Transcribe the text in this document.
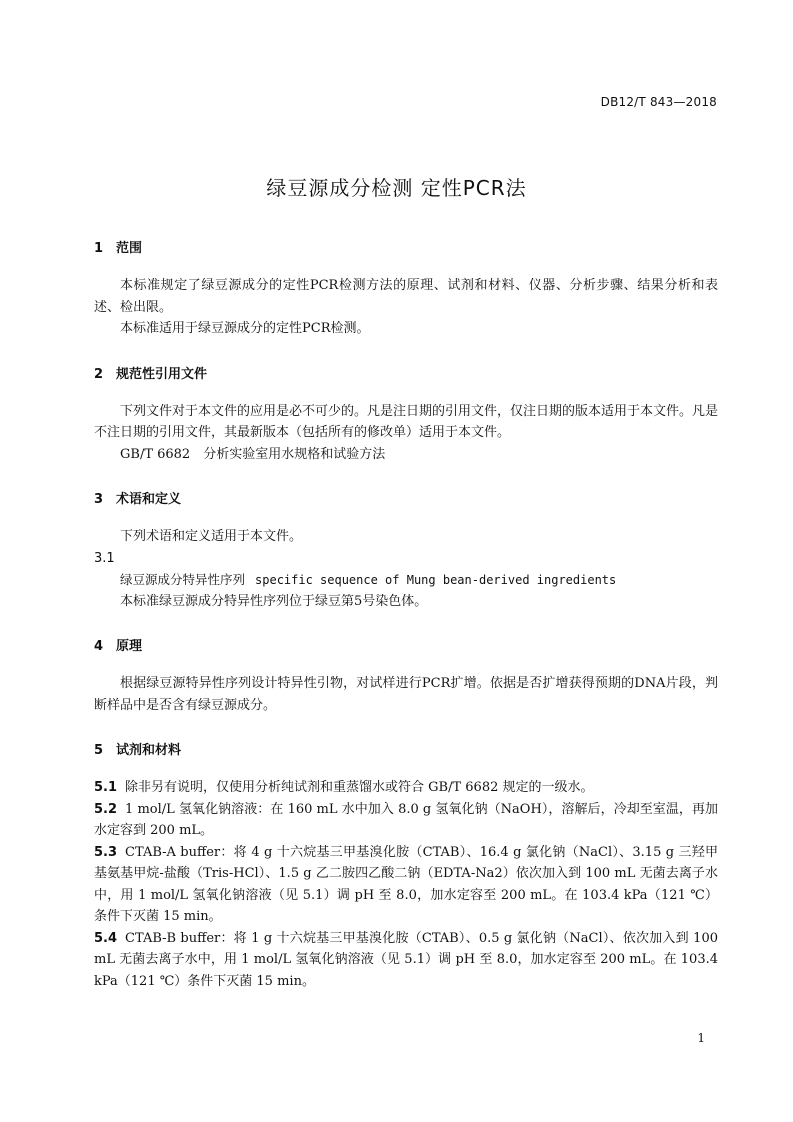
DB12/T 843—2018
绿豆源成分检测 定性PCR法
1 范围

本标准规定了绿豆源成分的定性PCR检测方法的原理、试剂和材料、仪器、分析步骤、结果分析和表述、检出限。

本标准适用于绿豆源成分的定性PCR检测。

2 规范性引用文件

下列文件对于本文件的应用是必不可少的。凡是注日期的引用文件，仅注日期的版本适用于本文件。凡是不注日期的引用文件，其最新版本（包括所有的修改单）适用于本文件。

GB/T 6682　分析实验室用水规格和试验方法

3 术语和定义

下列术语和定义适用于本文件。

3.1

绿豆源成分特异性序列 specific sequence of Mung bean-derived ingredients

本标准绿豆源成分特异性序列位于绿豆第5号染色体。

4 原理

根据绿豆源特异性序列设计特异性引物，对试样进行PCR扩增。依据是否扩增获得预期的DNA片段，判断样品中是否含有绿豆源成分。

5 试剂和材料

5.1 除非另有说明，仅使用分析纯试剂和重蒸馏水或符合 GB/T 6682 规定的一级水。

5.2 1 mol/L 氢氧化钠溶液：在 160 mL 水中加入 8.0 g 氢氧化钠（NaOH），溶解后，冷却至室温，再加水定容到 200 mL。

5.3 CTAB-A buffer：将 4 g 十六烷基三甲基溴化胺（CTAB）、16.4 g 氯化钠（NaCl）、3.15 g 三羟甲基氨基甲烷-盐酸（Tris-HCl）、1.5 g 乙二胺四乙酸二钠（EDTA-Na2）依次加入到 100 mL 无菌去离子水中，用 1 mol/L 氢氧化钠溶液（见 5.1）调 pH 至 8.0，加水定容至 200 mL。在 103.4 kPa（121 ℃）条件下灭菌 15 min。

5.4 CTAB-B buffer：将 1 g 十六烷基三甲基溴化胺（CTAB）、0.5 g 氯化钠（NaCl）、依次加入到 100 mL 无菌去离子水中，用 1 mol/L 氢氧化钠溶液（见 5.1）调 pH 至 8.0，加水定容至 200 mL。在 103.4 kPa（121 ℃）条件下灭菌 15 min。

1
